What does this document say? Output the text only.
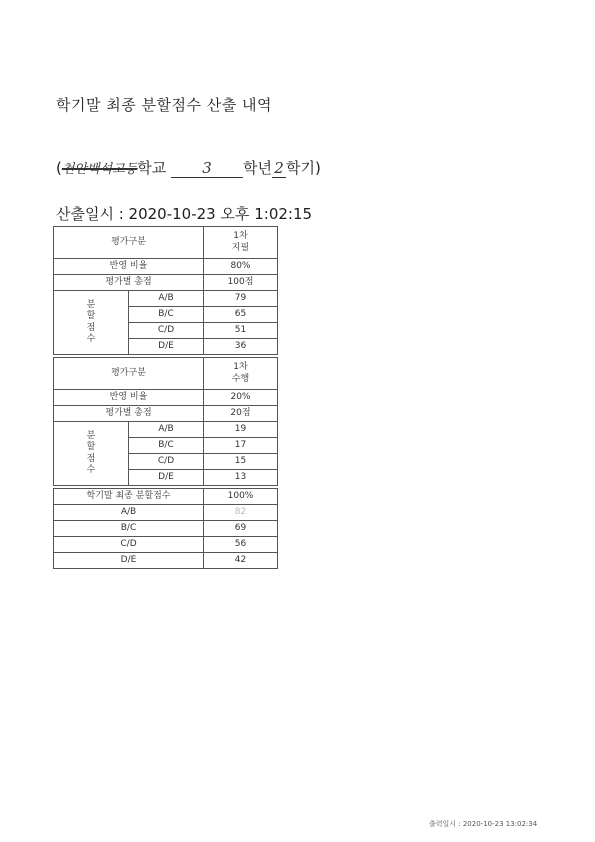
학기말 최종 분할점수 산출 내역
(천안백석고등학교 3 학년 2 학기)
산출일시 : 2020-10-23 오후 1:02:15
평가구분		1차
지필
반영 비율		80%
평가별 총점		100점
분
할
점
수	A/B	79
	B/C	65
	C/D	51
	D/E	36

평가구분		1차
수행
반영 비율		20%
평가별 총점		20점
분
할
점
수	A/B	19
	B/C	17
	C/D	15
	D/E	13

학기말 최종 분할점수		100%
A/B		82
B/C		69
C/D		56
D/E		42
출력일시 : 2020-10-23 13:02:34
